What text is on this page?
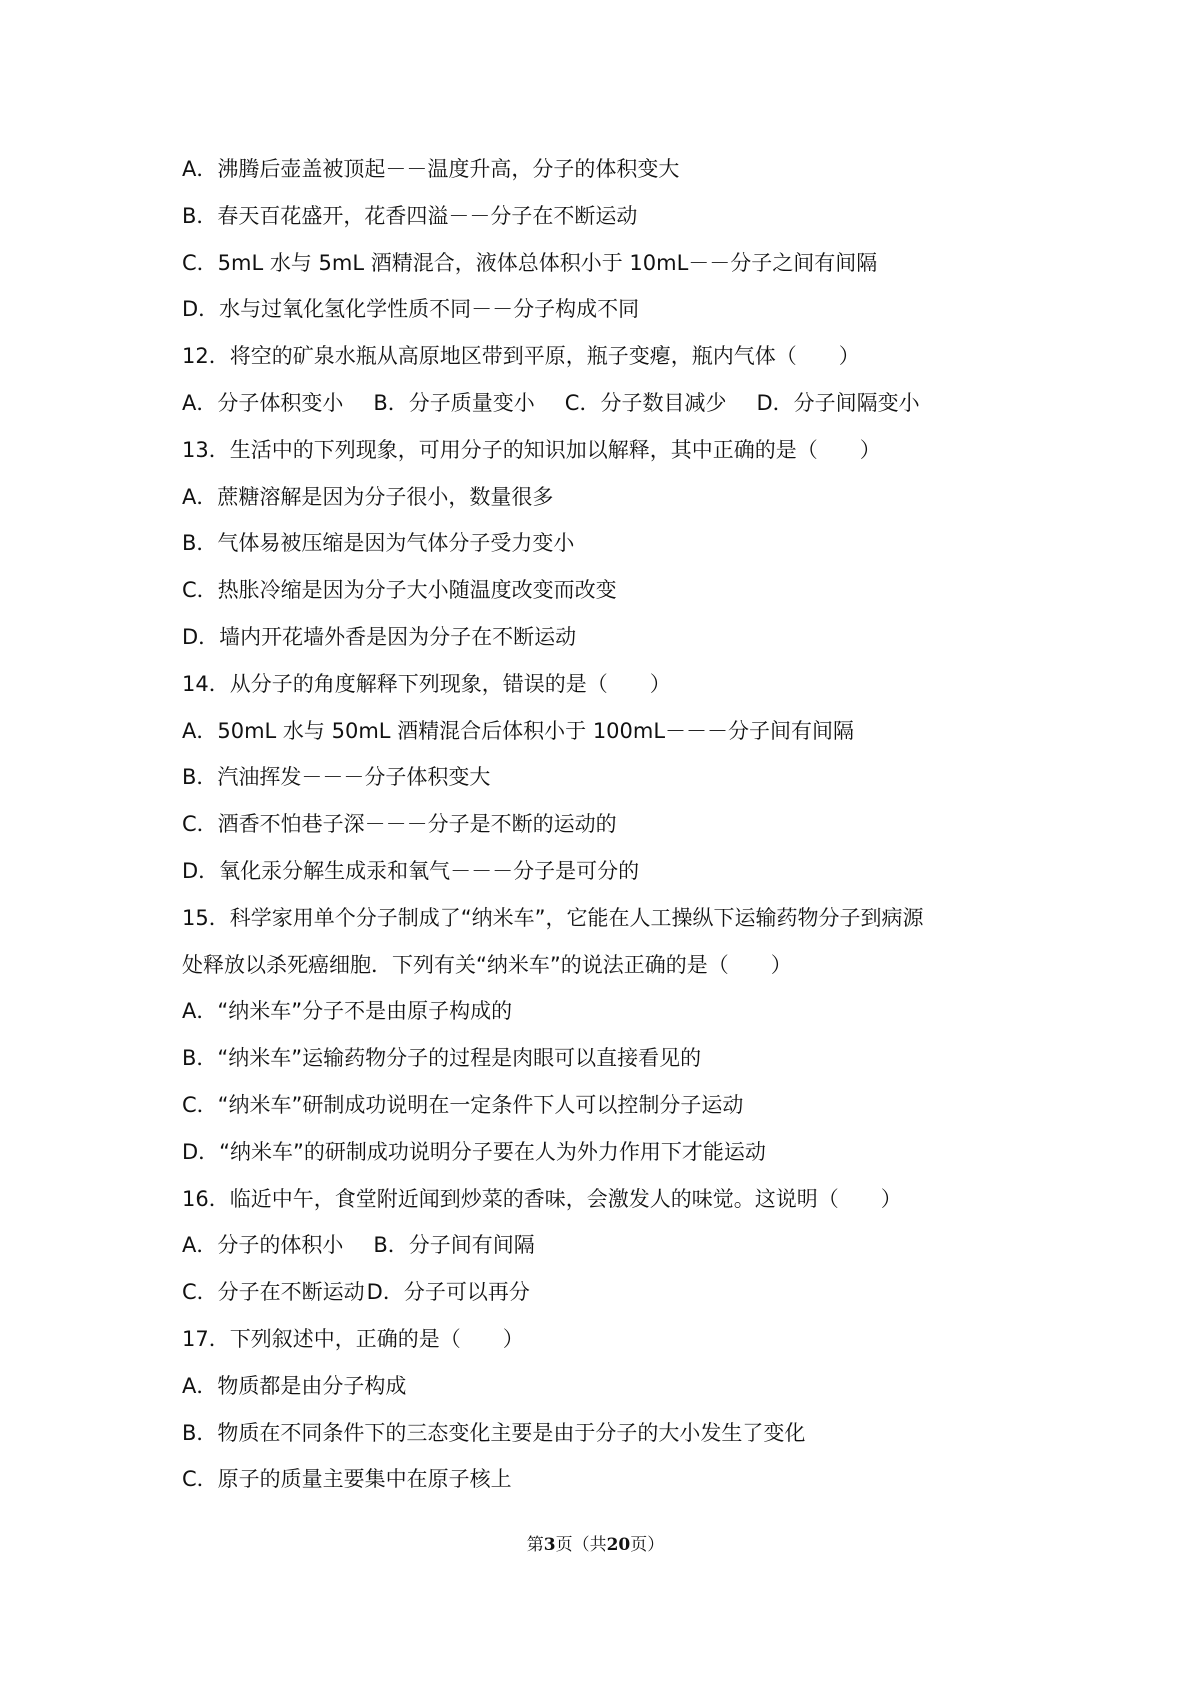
A．沸腾后壶盖被顶起－－温度升高，分子的体积变大
B．春天百花盛开，花香四溢－－分子在不断运动
C．5mL 水与 5mL 酒精混合，液体总体积小于 10mL－－分子之间有间隔
D．水与过氧化氢化学性质不同－－分子构成不同
12．将空的矿泉水瓶从高原地区带到平原，瓶子变瘪，瓶内气体（　　）
A．分子体积变小 B．分子质量变小 C．分子数目减少 D．分子间隔变小
13．生活中的下列现象，可用分子的知识加以解释，其中正确的是（　　）
A．蔗糖溶解是因为分子很小，数量很多
B．气体易被压缩是因为气体分子受力变小
C．热胀冷缩是因为分子大小随温度改变而改变
D．墙内开花墙外香是因为分子在不断运动
14．从分子的角度解释下列现象，错误的是（　　）
A．50mL 水与 50mL 酒精混合后体积小于 100mL－－－分子间有间隔
B．汽油挥发－－－分子体积变大
C．酒香不怕巷子深－－－分子是不断的运动的
D．氧化汞分解生成汞和氧气－－－分子是可分的
15．科学家用单个分子制成了“纳米车”，它能在人工操纵下运输药物分子到病源
处释放以杀死癌细胞．下列有关“纳米车”的说法正确的是（　　）
A．“纳米车”分子不是由原子构成的
B．“纳米车”运输药物分子的过程是肉眼可以直接看见的
C．“纳米车”研制成功说明在一定条件下人可以控制分子运动
D．“纳米车”的研制成功说明分子要在人为外力作用下才能运动
16．临近中午，食堂附近闻到炒菜的香味，会激发人的味觉。这说明（　　）
A．分子的体积小 B．分子间有间隔
C．分子在不断运动 D．分子可以再分
17．下列叙述中，正确的是（　　）
A．物质都是由分子构成
B．物质在不同条件下的三态变化主要是由于分子的大小发生了变化
C．原子的质量主要集中在原子核上
第3页（共20页）
